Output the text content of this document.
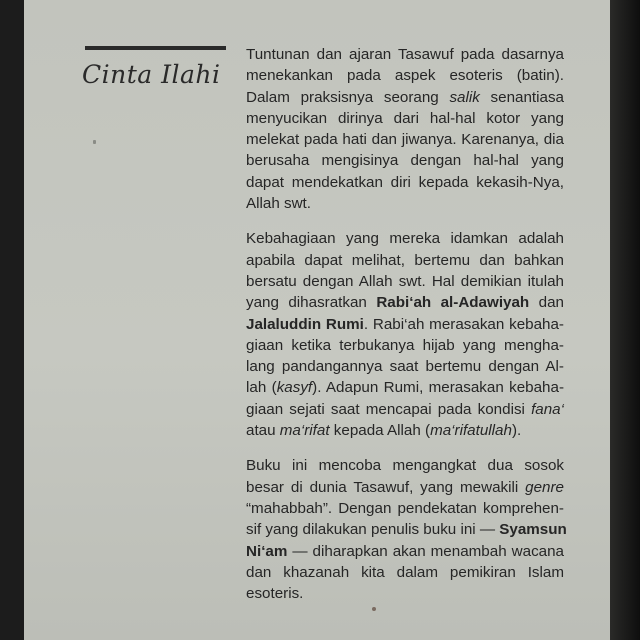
Cinta Ilahi

Tuntunan dan ajaran Tasawuf pada dasarnya
menekankan pada aspek esoteris (batin).
Dalam praksisnya seorang salik senantiasa
menyucikan dirinya dari hal-hal kotor yang
melekat pada hati dan jiwanya. Karenanya, dia
berusaha mengisinya dengan hal-hal yang
dapat mendekatkan diri kepada kekasih-Nya,
Allah swt.

Kebahagiaan yang mereka idamkan adalah
apabila dapat melihat, bertemu dan bahkan
bersatu dengan Allah swt. Hal demikian itulah
yang dihasratkan Rabi‘ah al-Adawiyah dan
Jalaluddin Rumi. Rabi‘ah merasakan kebaha-
giaan ketika terbukanya hijab yang mengha-
lang pandangannya saat bertemu dengan Al-
lah (kasyf). Adapun Rumi, merasakan kebaha-
giaan sejati saat mencapai pada kondisi fana‘
atau ma‘rifat kepada Allah (ma‘rifatullah).

Buku ini mencoba mengangkat dua sosok
besar di dunia Tasawuf, yang mewakili genre
“mahabbah”. Dengan pendekatan komprehen-
sif yang dilakukan penulis buku ini — Syamsun
Ni‘am — diharapkan akan menambah wacana
dan khazanah kita dalam pemikiran Islam
esoteris.
